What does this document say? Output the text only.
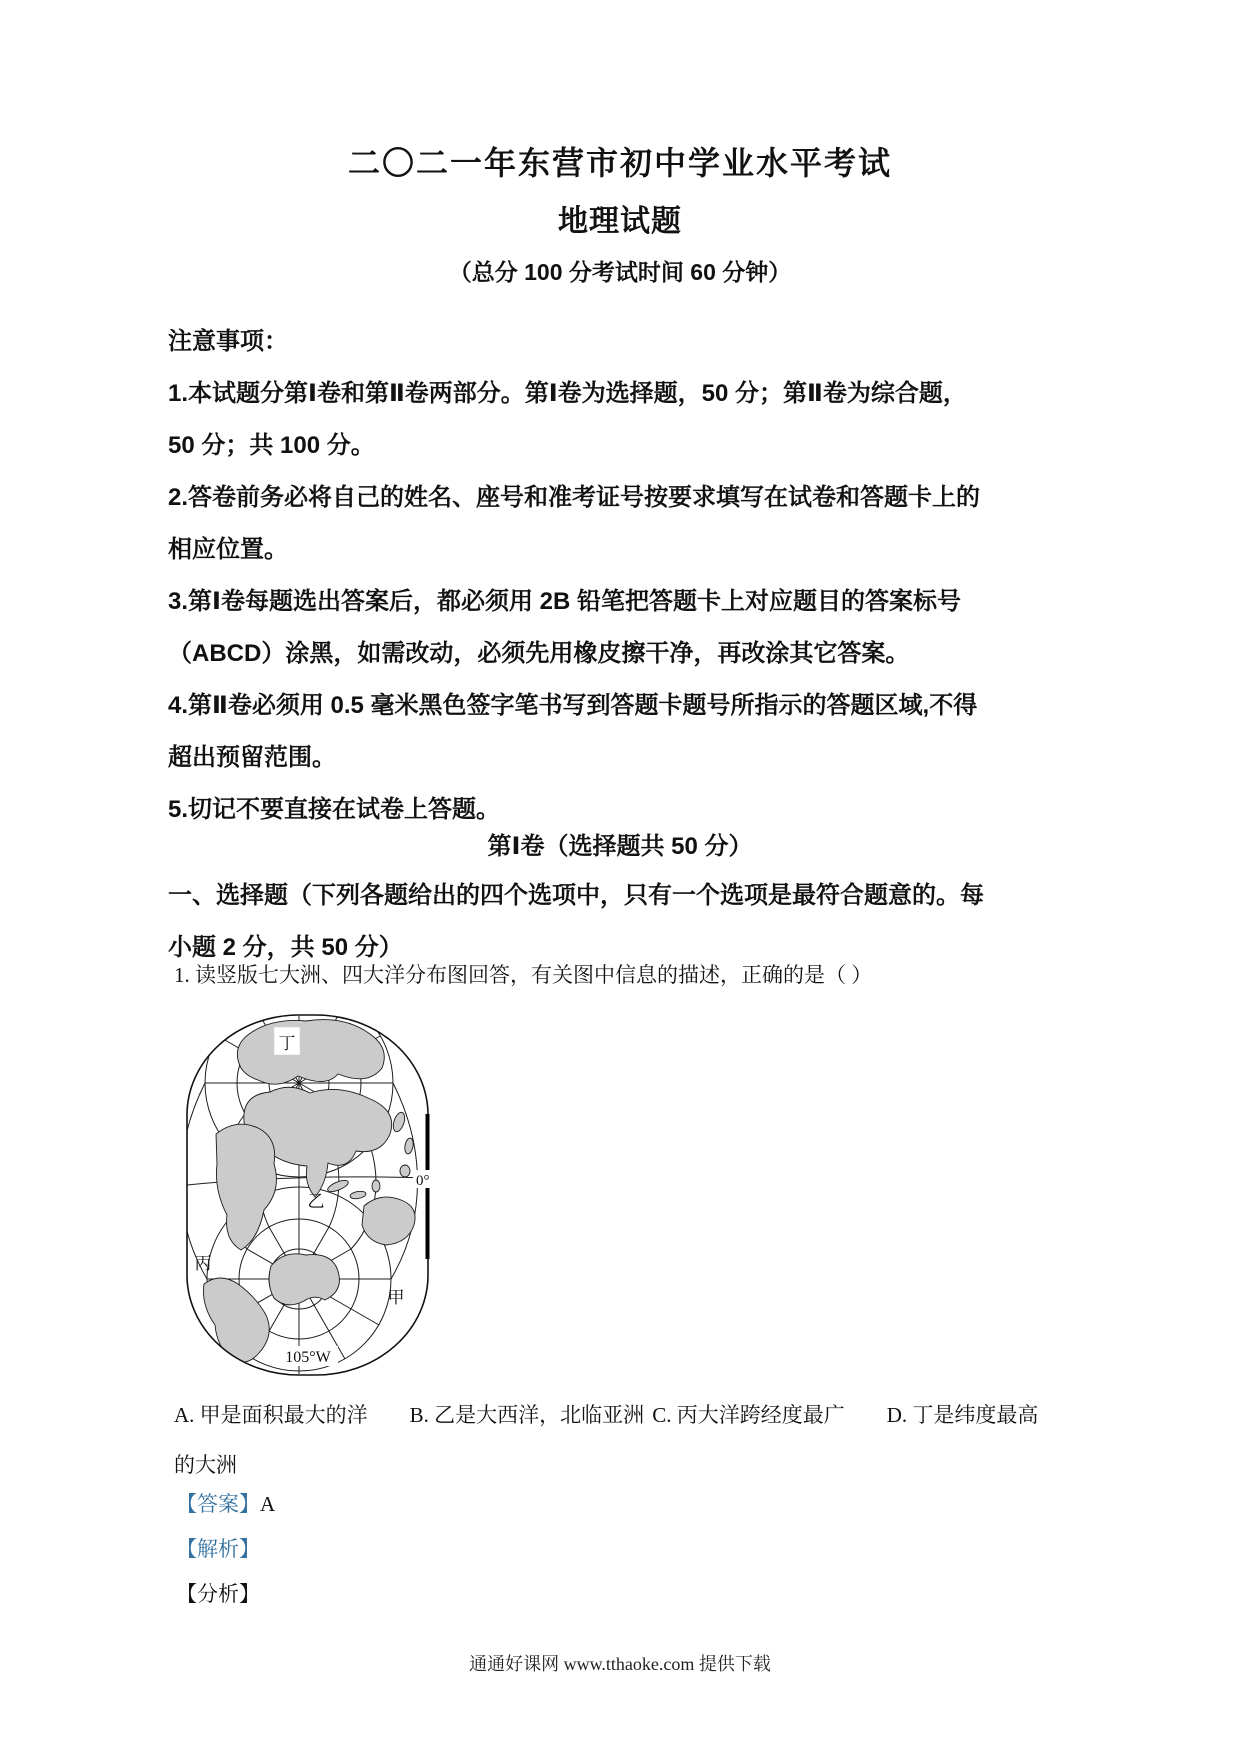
二〇二一年东营市初中学业水平考试
地理试题
（总分 100 分考试时间 60 分钟）
注意事项：
1.本试题分第Ⅰ卷和第Ⅱ卷两部分。第Ⅰ卷为选择题，50 分；第Ⅱ卷为综合题，
50 分；共 100 分。
2.答卷前务必将自己的姓名、座号和准考证号按要求填写在试卷和答题卡上的
相应位置。
3.第Ⅰ卷每题选出答案后，都必须用 2B 铅笔把答题卡上对应题目的答案标号
（ABCD）涂黑，如需改动，必须先用橡皮擦干净，再改涂其它答案。
4.第Ⅱ卷必须用 0.5 毫米黑色签字笔书写到答题卡题号所指示的答题区域,不得
超出预留范围。
5.切记不要直接在试卷上答题。
第Ⅰ卷（选择题共 50 分）
一、选择题（下列各题给出的四个选项中，只有一个选项是最符合题意的。每
小题 2 分，共 50 分）
1. 读竖版七大洲、四大洋分布图回答，有关图中信息的描述，正确的是（ ）
丁
乙
丙
甲
0°
105°W
A. 甲是面积最大的洋 B. 乙是大西洋，北临亚洲 C. 丙大洋跨经度最广 D. 丁是纬度最高的大洲
【答案】A
【解析】
【分析】
通通好课网 www.tthaoke.com 提供下载
